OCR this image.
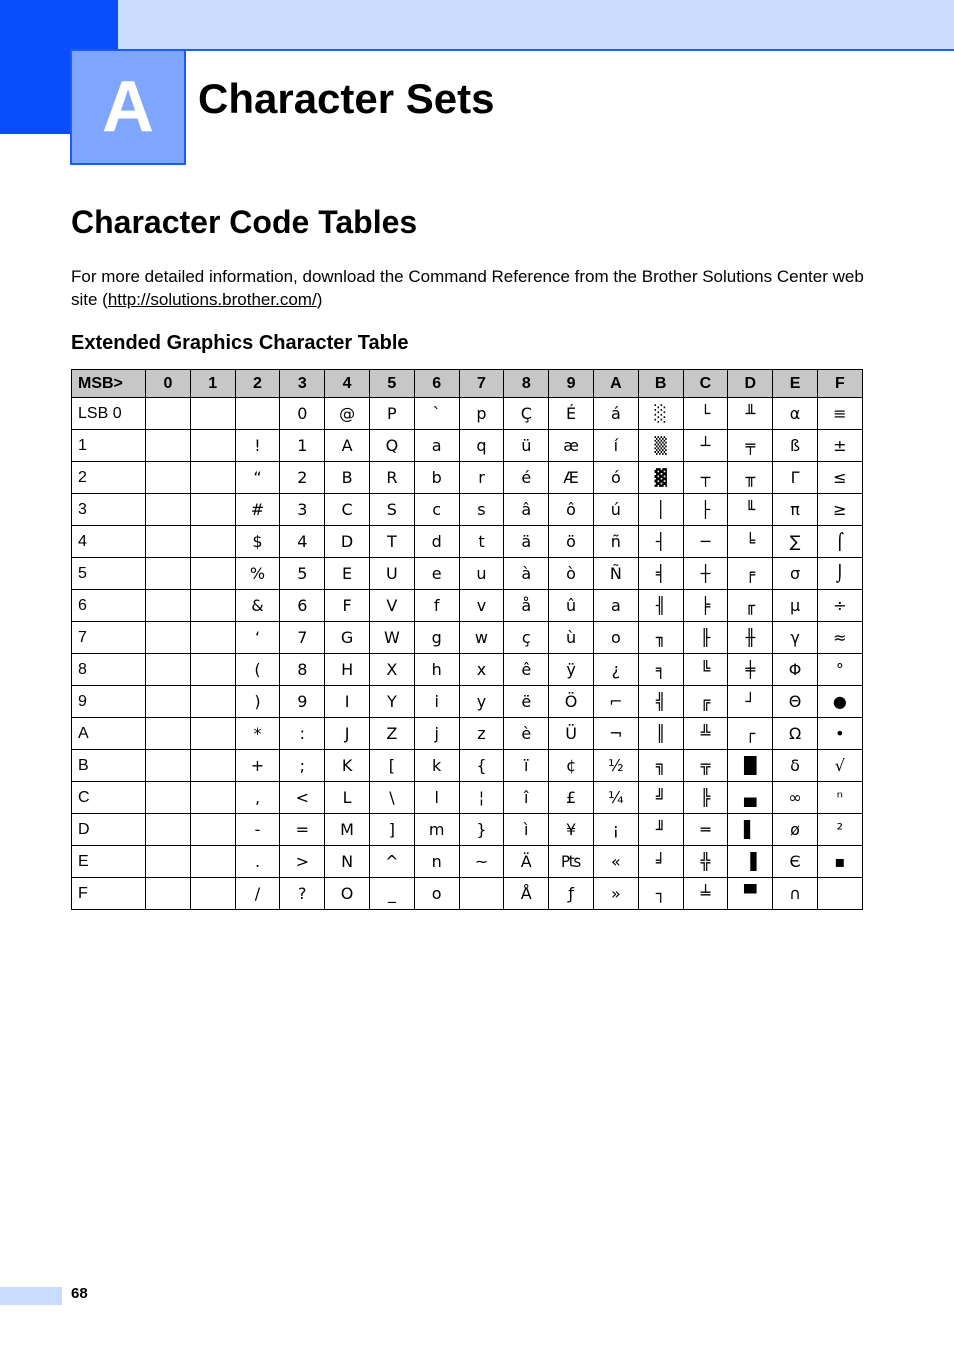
A Character Sets
Character Code Tables

For more detailed information, download the Command Reference from the Brother Solutions Center web site (http://solutions.brother.com/)

Extended Graphics Character Table
MSB>	0	1	2	3	4	5	6	7	8	9	A	B	C	D	E	F
LSB 0				0	@	P	`	p	Ç	É	á	░	└	╨	α	≡
1			!	1	A	Q	a	q	ü	æ	í	▒	┴	╤	ß	±
2			“	2	B	R	b	r	é	Æ	ó	▓	┬	╥	Γ	≤
3			#	3	C	S	c	s	â	ô	ú	│	├	╙	π	≥
4			$	4	D	T	d	t	ä	ö	ñ	┤	─	╘	∑	⌠
5			%	5	E	U	e	u	à	ò	Ñ	╡	┼	╒	σ	⌡
6			&	6	F	V	f	v	å	û	a	╢	╞	╓	μ	÷
7			‘	7	G	W	g	w	ç	ù	o	╖	╟	╫	γ	≈
8			(	8	H	X	h	x	ê	ÿ	¿	╕	╚	╪	Φ	°
9			)	9	I	Y	i	y	ë	Ö	⌐	╣	╔	┘	Θ	●
A			*	:	J	Z	j	z	è	Ü	¬	║	╩	┌	Ω	•
B			+	;	K	[	k	{	ï	¢	½	╗	╦	█	δ	√
C			,	<	L	\	l	¦	î	£	¼	╝	╠	▄	∞	ⁿ
D			-	=	M	]	m	}	ì	¥	¡	╜	═	▌	ø	²
E			.	>	N	^	n	~	Ä	₧	«	╛	╬	▐	Є	▪
F			/	?	O	_	o		Å	ƒ	»	┐	╧	▀	∩	
68
